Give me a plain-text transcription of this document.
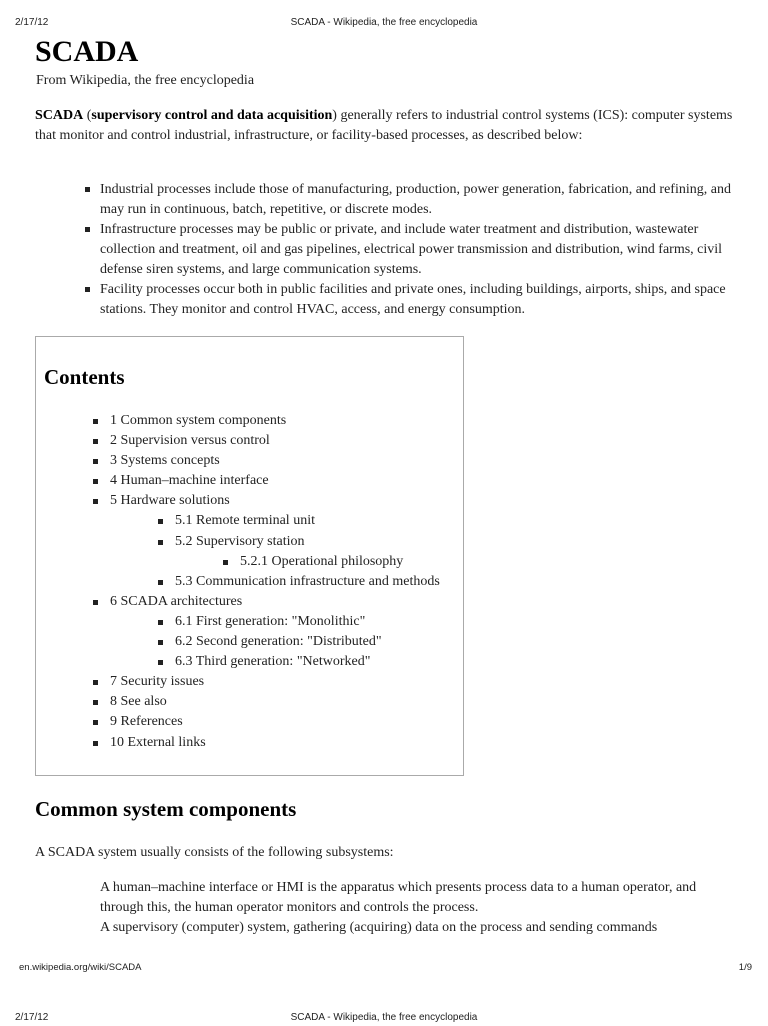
2/17/12	SCADA - Wikipedia, the free encyclopedia
SCADA

From Wikipedia, the free encyclopedia

SCADA (supervisory control and data acquisition) generally refers to industrial control systems (ICS): computer systems that monitor and control industrial, infrastructure, or facility-based processes, as described below:

Industrial processes include those of manufacturing, production, power generation, fabrication, and refining, and may run in continuous, batch, repetitive, or discrete modes.
Infrastructure processes may be public or private, and include water treatment and distribution, wastewater collection and treatment, oil and gas pipelines, electrical power transmission and distribution, wind farms, civil defense siren systems, and large communication systems.
Facility processes occur both in public facilities and private ones, including buildings, airports, ships, and space stations. They monitor and control HVAC, access, and energy consumption.
Contents
1 Common system components
2 Supervision versus control
3 Systems concepts
4 Human–machine interface
5 Hardware solutions
5.1 Remote terminal unit
5.2 Supervisory station
5.2.1 Operational philosophy
5.3 Communication infrastructure and methods
6 SCADA architectures
6.1 First generation: "Monolithic"
6.2 Second generation: "Distributed"
6.3 Third generation: "Networked"
7 Security issues
8 See also
9 References
10 External links
Common system components

A SCADA system usually consists of the following subsystems:

A human–machine interface or HMI is the apparatus which presents process data to a human operator, and through this, the human operator monitors and controls the process.
A supervisory (computer) system, gathering (acquiring) data on the process and sending commands
en.wikipedia.org/wiki/SCADA	1/9
2/17/12	SCADA - Wikipedia, the free encyclopedia
